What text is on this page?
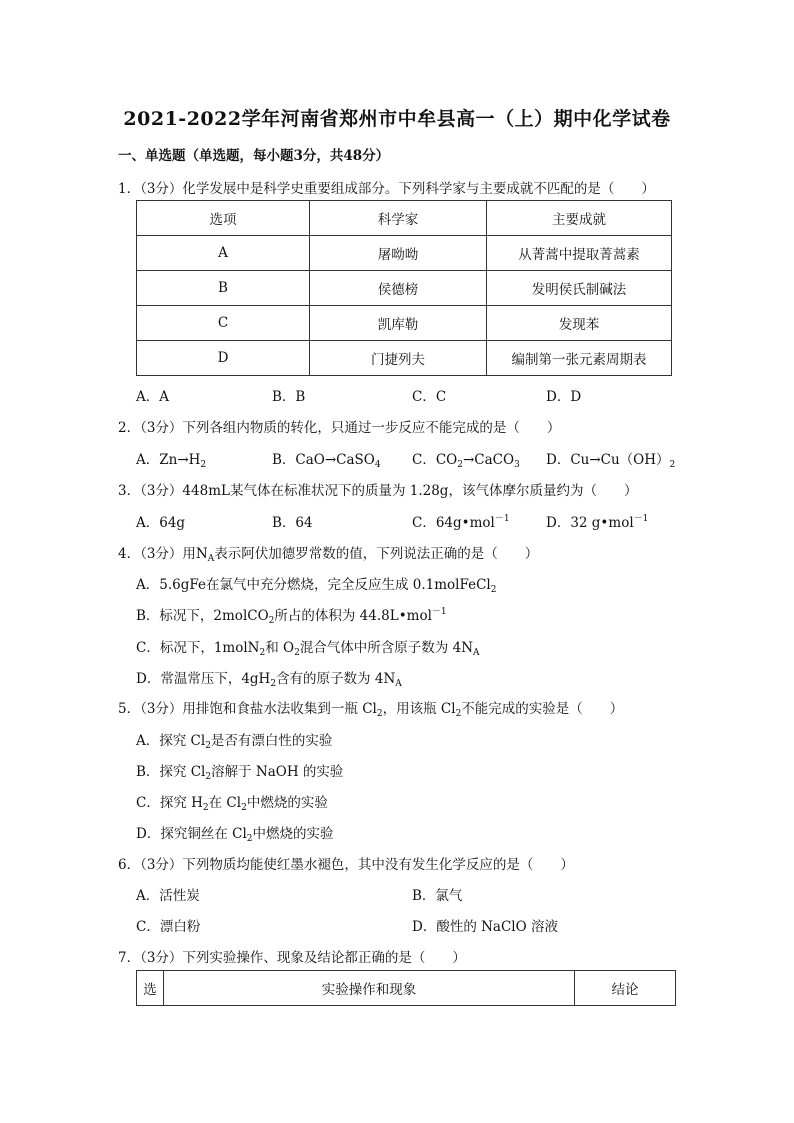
2021-2022学年河南省郑州市中牟县高一（上）期中化学试卷
一、单选题（单选题，每小题3分，共48分）
1．（3分）化学发展中是科学史重要组成部分。下列科学家与主要成就不匹配的是（　　）
选项	科学家	主要成就
A	屠呦呦	从菁蒿中提取菁蒿素
B	侯德榜	发明侯氏制碱法
C	凯库勒	发现苯
D	门捷列夫	编制第一张元素周期表
A．A	B．B	C．C	D．D
2．（3分）下列各组内物质的转化，只通过一步反应不能完成的是（　　）
A．$Zn\to H_2$	B．CaO→CaSO$_4$ C．$CO_2\to CaCO_3$ D．$Cu\to Cu(OH)_2$
3．（3分）448mL某气体在标准状况下的质量为 1.28g，该气体摩尔质量约为（　　）
A．64g	B．64	C．64g•mol$^{-1}$	D．32 g•mol$^{-1}$
4．（3分）用$N_A$表示阿伏加德罗常数的值，下列说法正确的是（　　）
A．5.6gFe在氯气中充分燃烧，完全反应生成 0.1molFeCl$_2$
B．标况下，2molCO$_2$所占的体积为 44.8L•mol$^{-1}$
C．标况下，1molN$_2$和 $O_2$混合气体中所含原子数为 $4N_A$
D．常温常压下，$4gH_2$含有的原子数为 $4N_A$
5．（3分）用排饱和食盐水法收集到一瓶 $Cl_2$，用该瓶 $Cl_2$不能完成的实验是（　　）
A．探究 $Cl_2$是否有漂白性的实验
B．探究 $Cl_2$溶解于 NaOH 的实验
C．探究 $H_2$在 $Cl_2$中燃烧的实验
D．探究铜丝在 $Cl_2$中燃烧的实验
6．（3分）下列物质均能使红墨水褪色，其中没有发生化学反应的是（　　）
A．活性炭	B．氯气
C．漂白粉	D．酸性的 NaClO 溶液
7．（3分）下列实验操作、现象及结论都正确的是（　　）
选	实验操作和现象	结论
